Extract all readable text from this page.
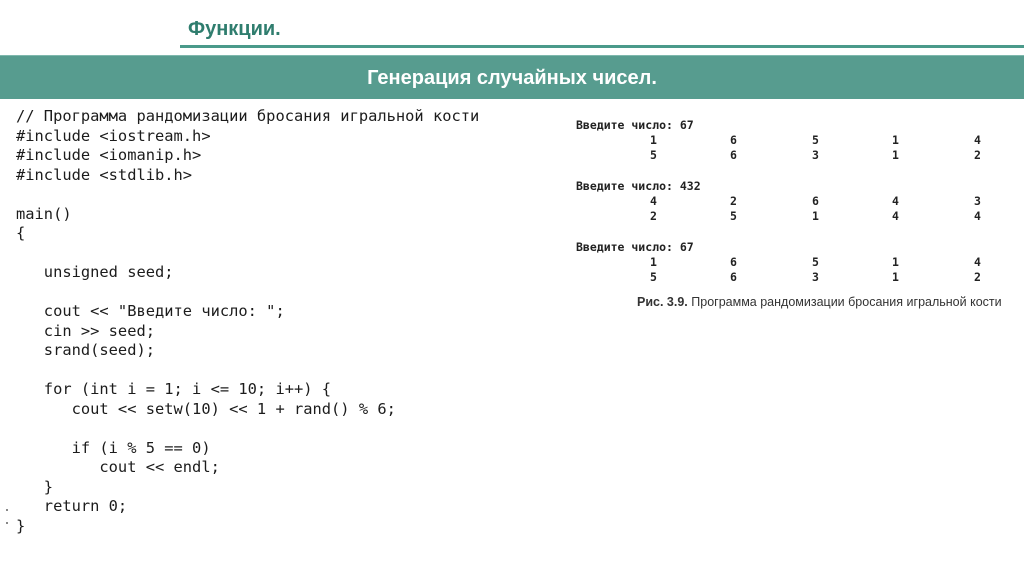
Функции.
Генерация случайных чисел.
// Программа рандомизации бросания игральной кости
#include <iostream.h>
#include <iomanip.h>
#include <stdlib.h>
main()
{
unsigned seed;
cout << "Введите число: ";
cin >> seed;
srand(seed);
for (int i = 1; i <= 10; i++) {
cout << setw(10) << 1 + rand() % 6;
if (i % 5 == 0)
cout << endl;
}
return 0;
}
Введите число: 67
1	6	5	1	4
5	6	3	1	2
Введите число: 432
4	2	6	4	3
2	5	1	4	4
Введите число: 67
1	6	5	1	4
5	6	3	1	2
Рис. 3.9. Программа рандомизации бросания игральной кости
